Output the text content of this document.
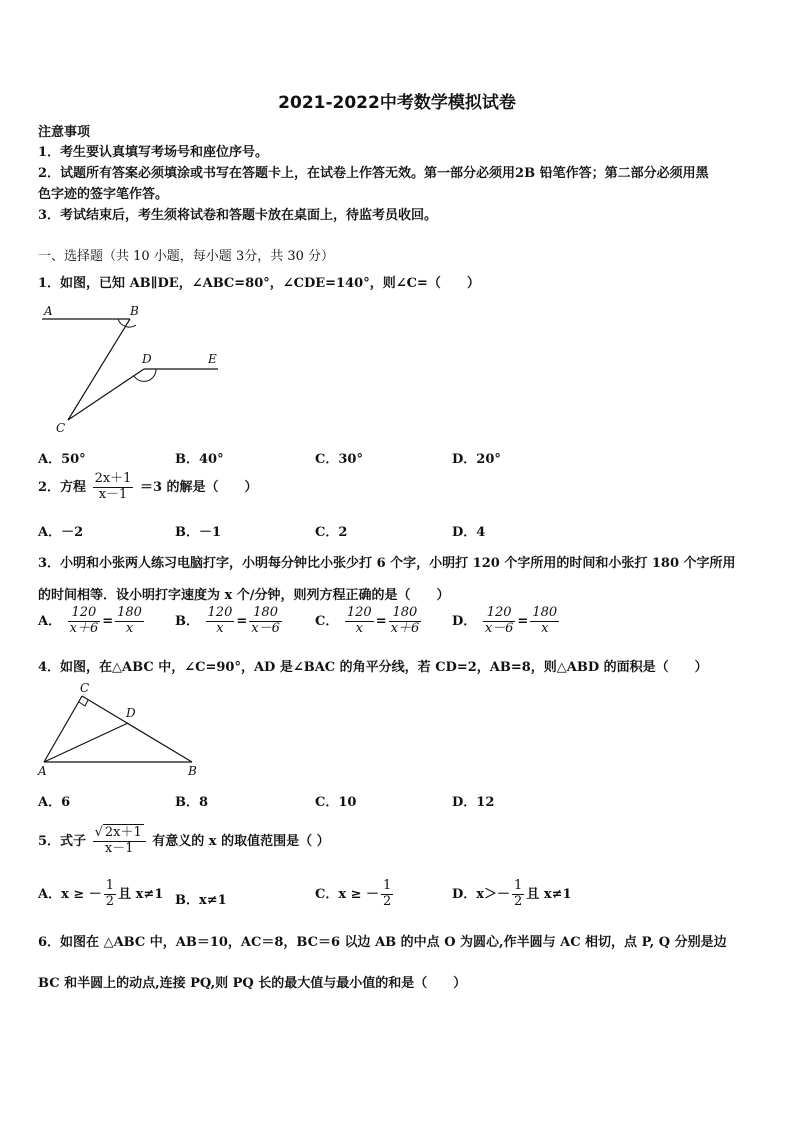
2021-2022中考数学模拟试卷
注意事项
1．考生要认真填写考场号和座位序号。
2．试题所有答案必须填涂或书写在答题卡上，在试卷上作答无效。第一部分必须用2B 铅笔作答；第二部分必须用黑
色字迹的签字笔作答。
3．考试结束后，考生须将试卷和答题卡放在桌面上，待监考员收回。
一、选择题（共 10 小题，每小题 3分，共 30 分）
1．如图，已知 AB∥DE，∠ABC=80°，∠CDE=140°，则∠C=（　　）
A	B
C
D	E
A．50°	B．40°	C．30°	D．20°
2．方程 $\frac{2x+1}{x-1} =3$ 的解是（　　）
A．－2	B．－1	C．2	D．4
3．小明和小张两人练习电脑打字，小明每分钟比小张少打 6 个字，小明打 120 个字所用的时间和小张打 180 个字所用
的时间相等．设小明打字速度为 x 个/分钟，则列方程正确的是（　　）
A． $\frac{120}{x+6} = \frac{180}{x}$ B． $\frac{120}{x} = \frac{180}{x-6}$	C． $\frac{120}{x} = \frac{180}{x+6}$ D． $\frac{120}{x-6} = \frac{180}{x}$
4．如图，在△ABC 中，∠C=90°，AD 是∠BAC 的角平分线，若 CD=2，AB=8，则△ABD 的面积是（　　）
C
D
A	B
A．6	B．8	C．10	D．12
5．式子 $\frac{√ 2x+1}{x-1}$ 有意义的 x 的取值范围是（ ）
A．x ≥ － $\frac{1}{2}$ 且 x≠1 B．x≠1	C．x ≥ － $\frac{1}{2}$	D．$x>- \frac{1}{2}$ 且 x≠1
6．如图在 △ABC 中，AB＝10，AC＝8，BC＝6 以边 AB 的中点 O 为圆心,作半圆与 AC 相切，点 P, Q 分别是边
BC 和半圆上的动点,连接 PQ,则 PQ 长的最大值与最小值的和是（　　）
